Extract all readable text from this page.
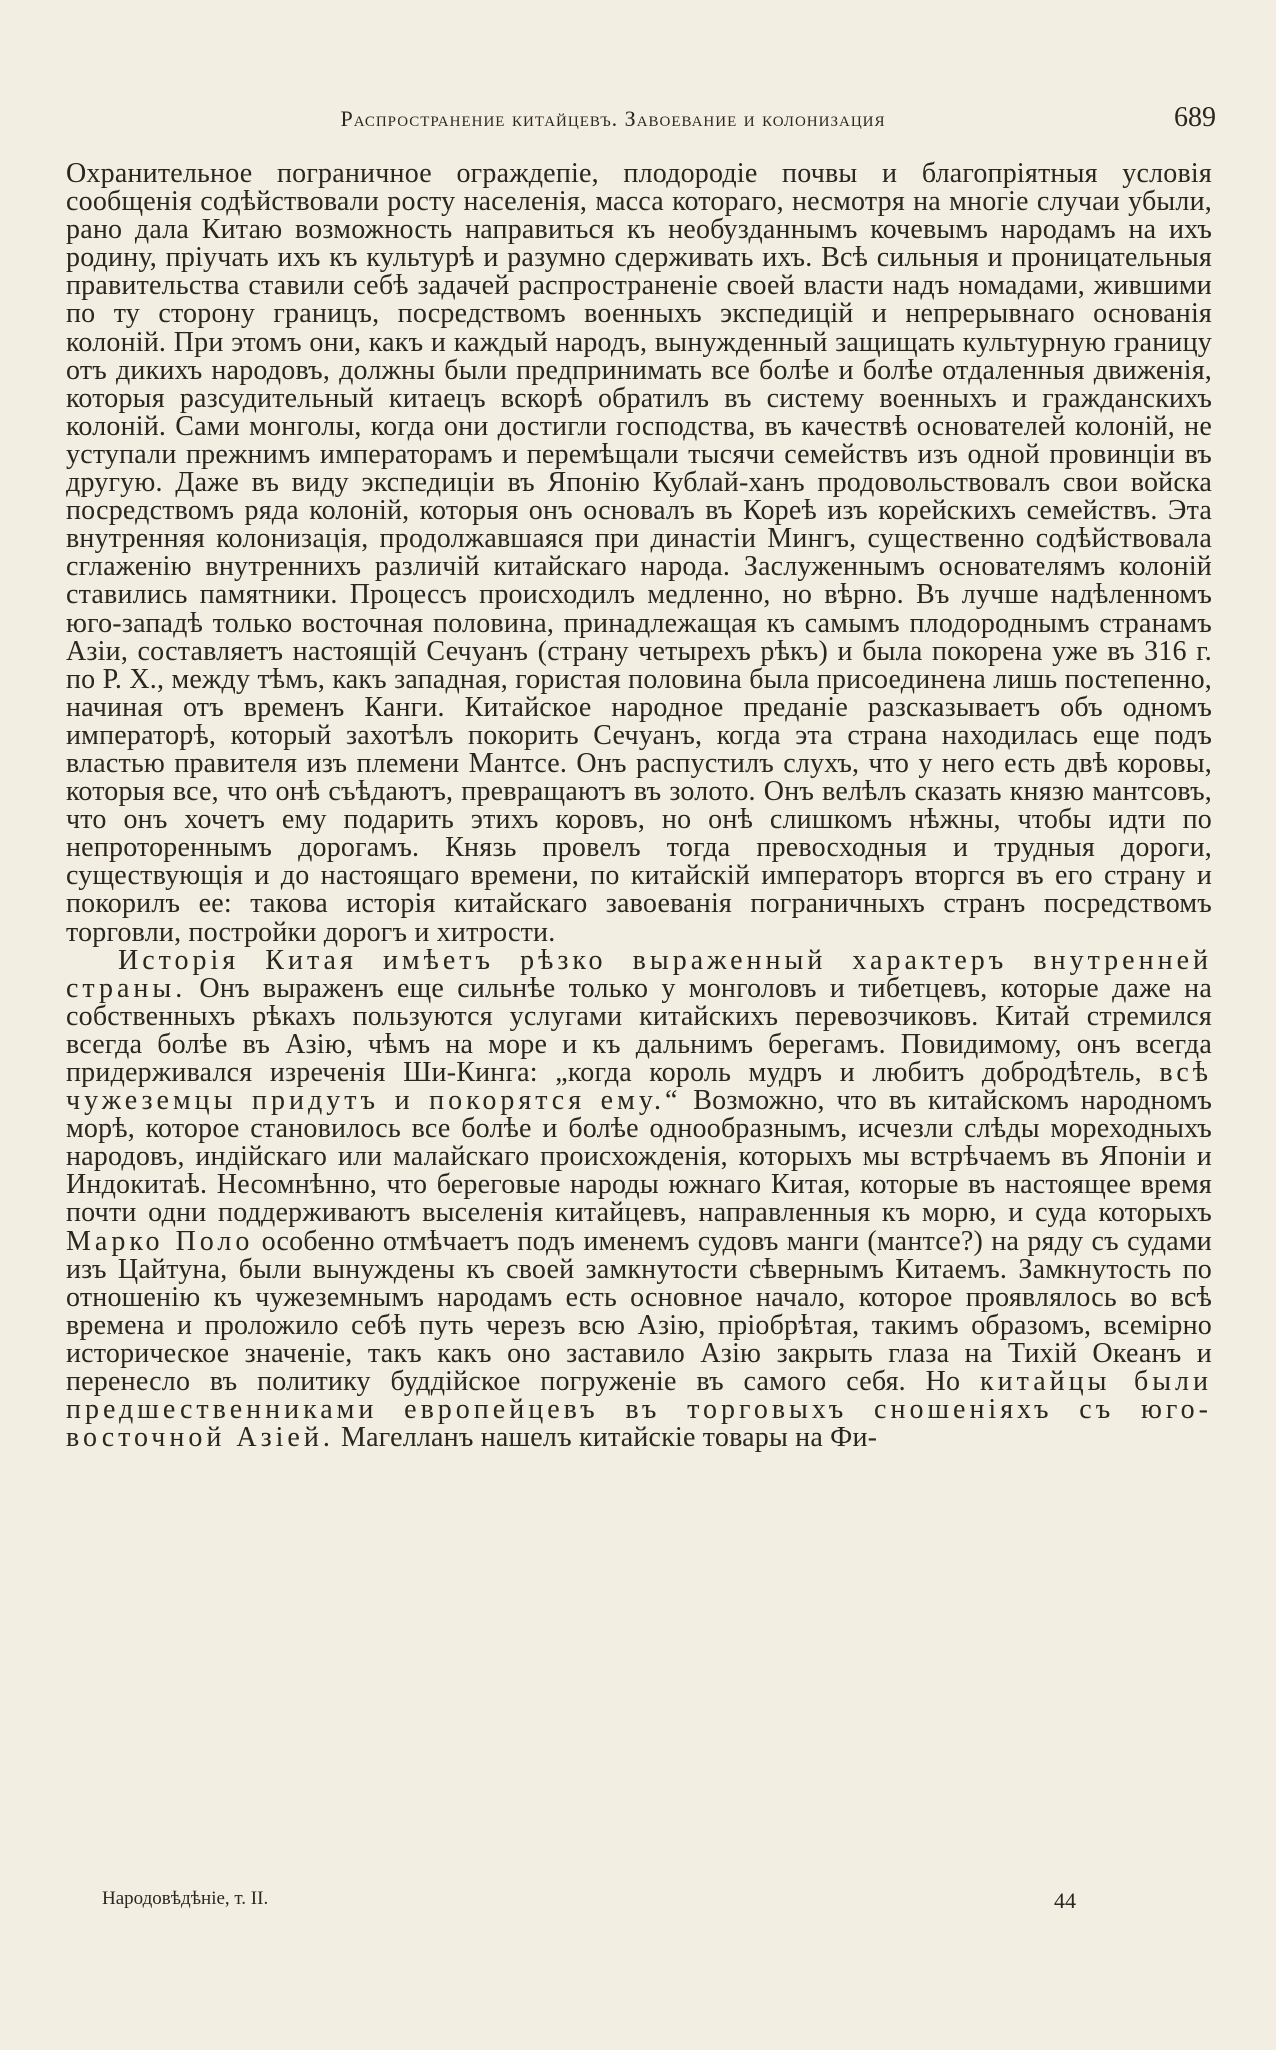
Распространение китайцевъ. Завоевание и колонизация	689

Охранительное пограничное ограждепіе, плодородіе почвы и благопріятныя условія сообщенія содѣйствовали росту населенія, масса котораго, несмотря на многіе случаи убыли, рано дала Китаю возможность направиться къ необузданнымъ кочевымъ народамъ на ихъ родину, пріучать ихъ къ культурѣ и разумно сдерживать ихъ. Всѣ сильныя и проницательныя правительства ставили себѣ задачей распространеніе своей власти надъ номадами, жившими по ту сторону границъ, посредствомъ военныхъ экспедицій и непрерывнаго основанія колоній. При этомъ они, какъ и каждый народъ, вынужденный защищать культурную границу отъ дикихъ народовъ, должны были предпринимать все болѣе и болѣе отдаленныя движенія, которыя разсудительный китаецъ вскорѣ обратилъ въ систему военныхъ и гражданскихъ колоній. Сами монголы, когда они достигли господства, въ качествѣ основателей колоній, не уступали прежнимъ императорамъ и перемѣщали тысячи семействъ изъ одной провинціи въ другую. Даже въ виду экспедиціи въ Японію Кублай-ханъ продовольствовалъ свои войска посредствомъ ряда колоній, которыя онъ основалъ въ Кореѣ изъ корейскихъ семействъ. Эта внутренняя колонизація, продолжавшаяся при династіи Мингъ, существенно содѣйствовала сглаженію внутреннихъ различій китайскаго народа. Заслуженнымъ основателямъ колоній ставились памятники. Процессъ происходилъ медленно, но вѣрно. Въ лучше надѣленномъ юго-западѣ только восточная половина, принадлежащая къ самымъ плодороднымъ странамъ Азіи, составляетъ настоящій Сечуанъ (страну четырехъ рѣкъ) и была покорена уже въ 316 г. по Р. Х., между тѣмъ, какъ западная, гористая половина была присоединена лишь постепенно, начиная отъ временъ Канги. Китайское народное преданіе разсказываетъ объ одномъ императорѣ, который захотѣлъ покорить Сечуанъ, когда эта страна находилась еще подъ властью правителя изъ племени Мантсе. Онъ распустилъ слухъ, что у него есть двѣ коровы, которыя все, что онѣ съѣдаютъ, превращаютъ въ золото. Онъ велѣлъ сказать князю мантсовъ, что онъ хочетъ ему подарить этихъ коровъ, но онѣ слишкомъ нѣжны, чтобы идти по непротореннымъ дорогамъ. Князь провелъ тогда превосходныя и трудныя дороги, существующія и до настоящаго времени, по китайскій императоръ вторгся въ его страну и покорилъ ее: такова исторія китайскаго завоеванія пограничныхъ странъ посредствомъ торговли, постройки дорогъ и хитрости.

Исторія Китая имѣетъ рѣзко выраженный характеръ внутренней страны. Онъ выраженъ еще сильнѣе только у монголовъ и тибетцевъ, которые даже на собственныхъ рѣкахъ пользуются услугами китайскихъ перевозчиковъ. Китай стремился всегда болѣе въ Азію, чѣмъ на море и къ дальнимъ берегамъ. Повидимому, онъ всегда придерживался изреченія Ши-Кинга: „когда король мудръ и любитъ добродѣтель, всѣ чужеземцы придутъ и покорятся ему.“ Возможно, что въ китайскомъ народномъ морѣ, которое становилось все болѣе и болѣе однообразнымъ, исчезли слѣды мореходныхъ народовъ, индійскаго или малайскаго происхожденія, которыхъ мы встрѣчаемъ въ Японіи и Индокитаѣ. Несомнѣнно, что береговые народы южнаго Китая, которые въ настоящее время почти одни поддерживаютъ выселенія китайцевъ, направленныя къ морю, и суда которыхъ Марко Поло особенно отмѣчаетъ подъ именемъ судовъ манги (мантсе?) на ряду съ судами изъ Цайтуна, были вынуждены къ своей замкнутости сѣвернымъ Китаемъ. Замкнутость по отношенію къ чужеземнымъ народамъ есть основное начало, которое проявлялось во всѣ времена и проложило себѣ путь черезъ всю Азію, пріобрѣтая, такимъ образомъ, всемірно историческое значеніе, такъ какъ оно заставило Азію закрыть глаза на Тихій Океанъ и перенесло въ политику буддійское погруженіе въ самого себя. Но китайцы были предшественниками европейцевъ въ торговыхъ сношеніяхъ съ юго-восточной Азіей. Магелланъ нашелъ китайскіе товары на Фи-

Народовѣдѣніе, т. II.	44
